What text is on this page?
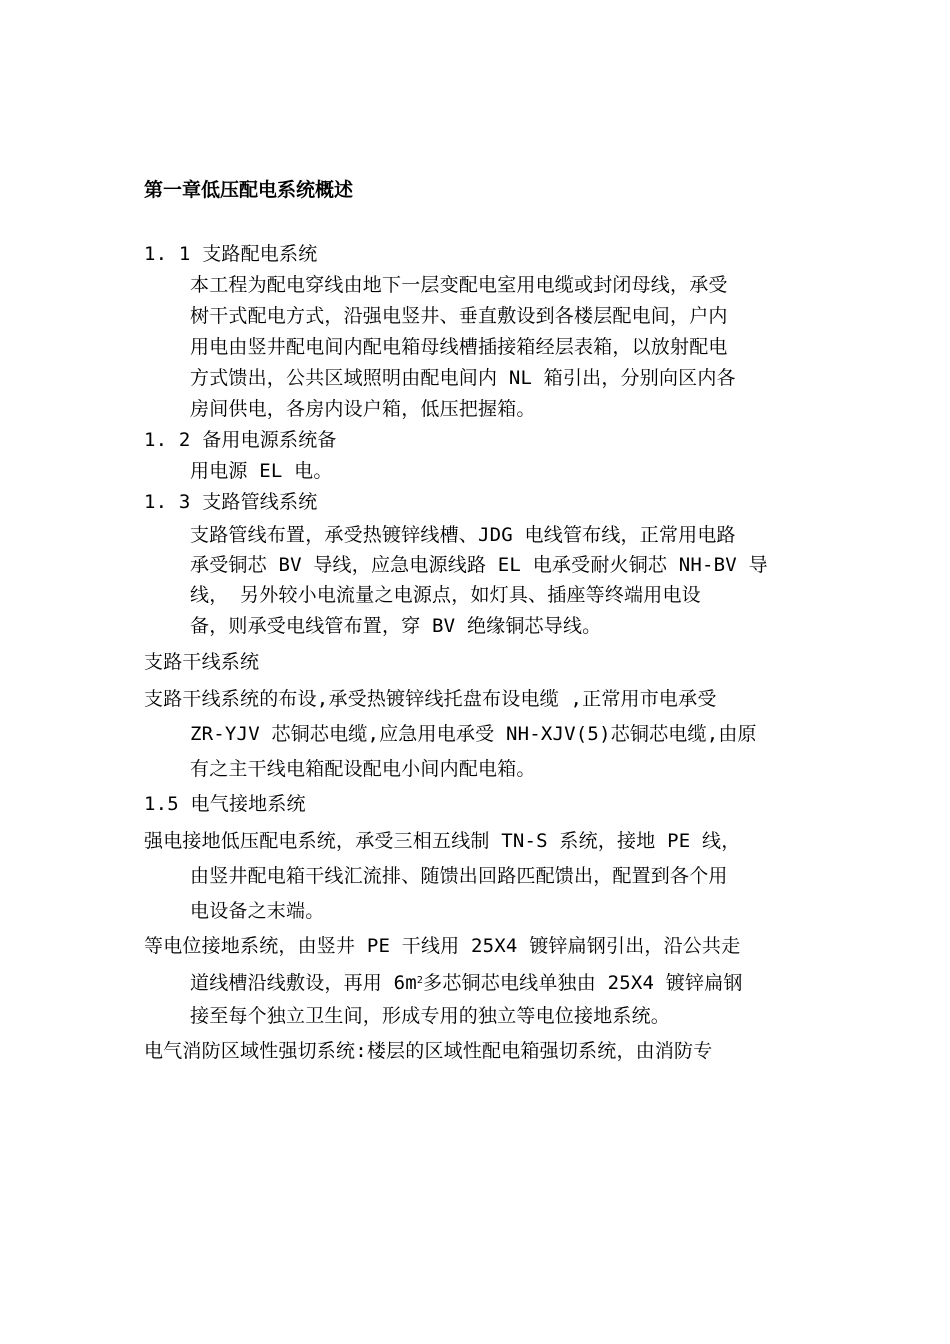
第一章低压配电系统概述
1. 1 支路配电系统
本工程为配电穿线由地下一层变配电室用电缆或封闭母线，承受
树干式配电方式，沿强电竖井、垂直敷设到各楼层配电间，户内
用电由竖井配电间内配电箱母线槽插接箱经层表箱，以放射配电
方式馈出，公共区域照明由配电间内 NL 箱引出，分别向区内各
房间供电，各房内设户箱，低压把握箱。
1. 2 备用电源系统备
用电源 EL 电。
1. 3 支路管线系统
支路管线布置，承受热镀锌线槽、JDG 电线管布线，正常用电路
承受铜芯 BV 导线，应急电源线路 EL 电承受耐火铜芯 NH-BV 导
线， 另外较小电流量之电源点，如灯具、插座等终端用电设
备，则承受电线管布置，穿 BV 绝缘铜芯导线。
支路干线系统
支路干线系统的布设,承受热镀锌线托盘布设电缆 ,正常用市电承受
ZR-YJV 芯铜芯电缆,应急用电承受 NH-XJV(5)芯铜芯电缆,由原
有之主干线电箱配设配电小间内配电箱。
1.5 电气接地系统
强电接地低压配电系统，承受三相五线制 TN-S 系统，接地 PE 线，
由竖井配电箱干线汇流排、随馈出回路匹配馈出，配置到各个用
电设备之末端。
等电位接地系统，由竖井 PE 干线用 25X4 镀锌扁钢引出，沿公共走
道线槽沿线敷设，再用 $6m^2$多芯铜芯电线单独由 25X4 镀锌扁钢
接至每个独立卫生间，形成专用的独立等电位接地系统。
电气消防区域性强切系统:楼层的区域性配电箱强切系统，由消防专
